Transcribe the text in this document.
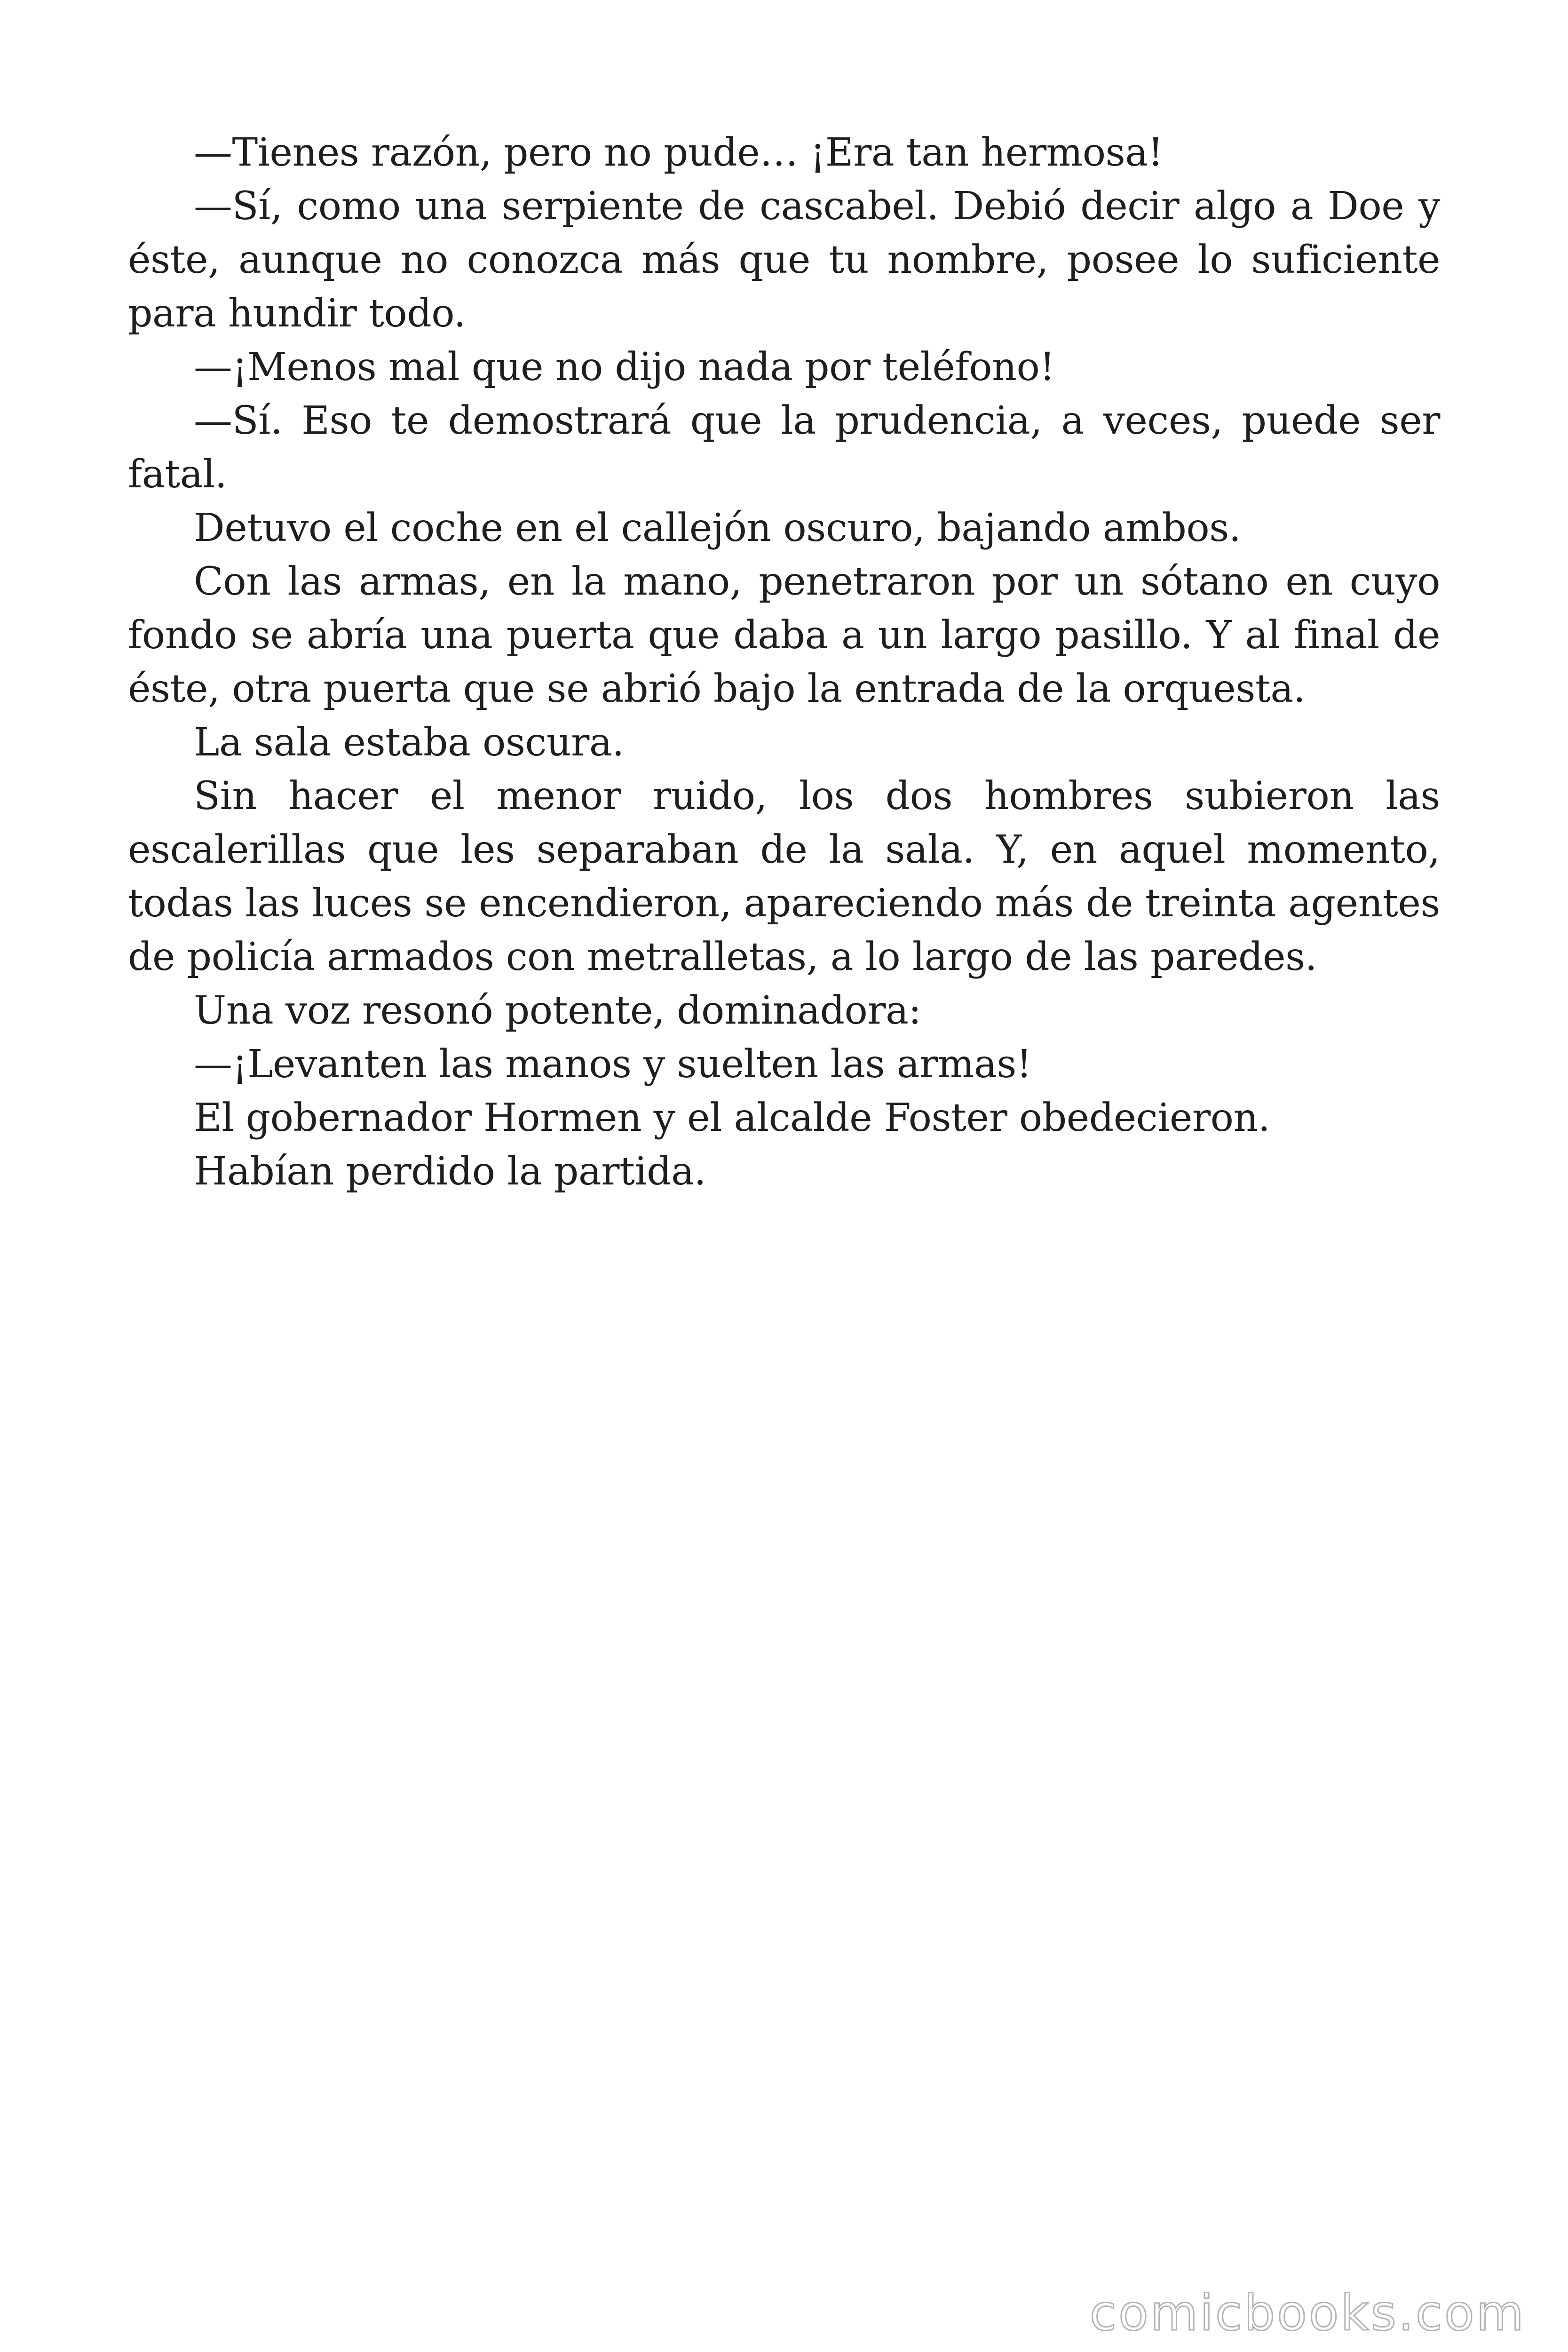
—Tienes razón, pero no pude… ¡Era tan hermosa!

—Sí, como una serpiente de cascabel. Debió decir algo a Doe y éste, aunque no conozca más que tu nombre, posee lo suficiente para hundir todo.

—¡Menos mal que no dijo nada por teléfono!

—Sí. Eso te demostrará que la prudencia, a veces, puede ser fatal.

Detuvo el coche en el callejón oscuro, bajando ambos.

Con las armas, en la mano, penetraron por un sótano en cuyo fondo se abría una puerta que daba a un largo pasillo. Y al final de éste, otra puerta que se abrió bajo la entrada de la orquesta.

La sala estaba oscura.

Sin hacer el menor ruido, los dos hombres subieron las escalerillas que les separaban de la sala. Y, en aquel momento, todas las luces se encendieron, apareciendo más de treinta agentes de policía armados con metralletas, a lo largo de las paredes.

Una voz resonó potente, dominadora:

—¡Levanten las manos y suelten las armas!

El gobernador Hormen y el alcalde Foster obedecieron.

Habían perdido la partida.

comicbooks.com
